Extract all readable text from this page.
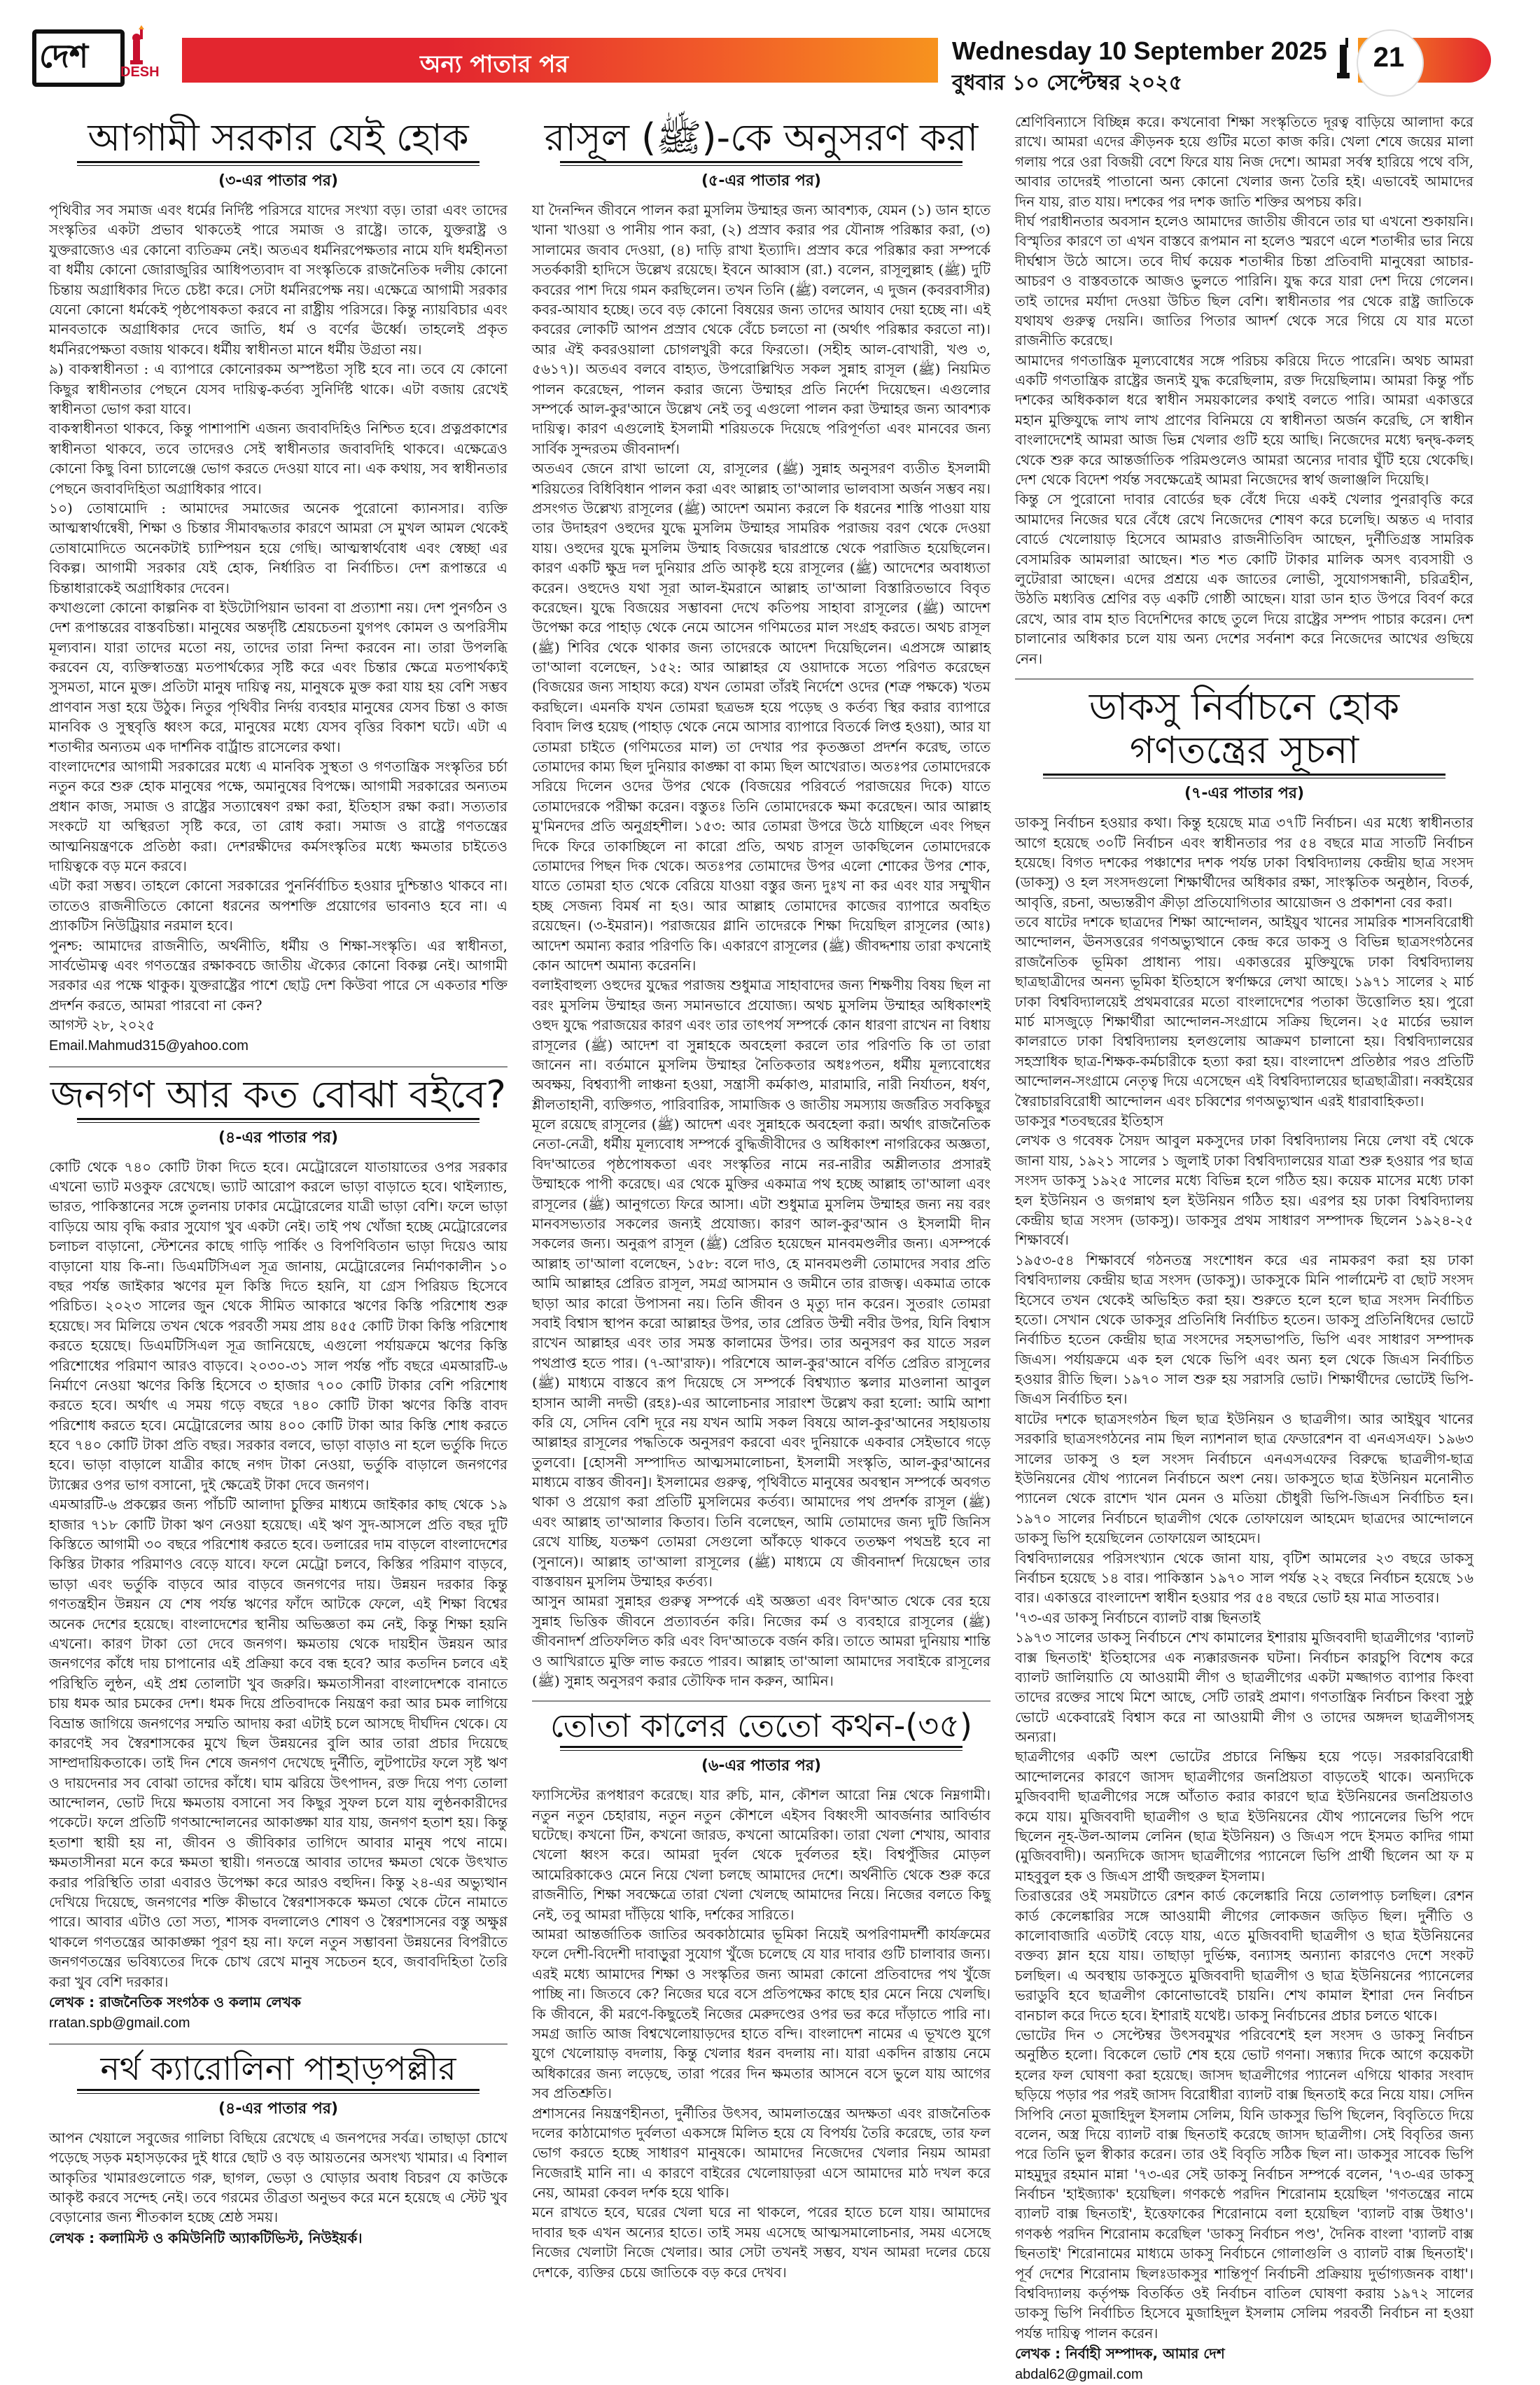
দেশ DESH	অন্য পাতার পর	Wednesday 10 September 2025
বুধবার ১০ সেপ্টেম্বর ২০২৫
21
আগামী সরকার যেই হোক
(৩-এর পাতার পর)

পৃথিবীর সব সমাজ এবং ধর্মের নির্দিষ্ট পরিসরে যাদের সংখ্যা বড়। তারা এবং তাদের সংস্কৃতির একটা প্রভাব থাকতেই পারে সমাজ ও রাষ্ট্রে। তাকে, যুক্তরাষ্ট্র ও যুক্তরাজ্যেও এর কোনো ব্যতিক্রম নেই। অতএব ধর্মনিরপেক্ষতার নামে যদি ধর্মহীনতা বা ধর্মীয় কোনো জোরাজুরির আধিপত্যবাদ বা সংস্কৃতিকে রাজনৈতিক দলীয় কোনো চিন্তায় অগ্রাধিকার দিতে চেষ্টা করে। সেটা ধর্মনিরপেক্ষ নয়। এক্ষেত্রে আগামী সরকার যেনো কোনো ধর্মকেই পৃষ্ঠপোষকতা করবে না রাষ্ট্রীয় পরিসরে। কিন্তু ন্যায়বিচার এবং মানবতাকে অগ্রাধিকার দেবে জাতি, ধর্ম ও বর্ণের ঊর্ধ্বে। তাহলেই প্রকৃত ধর্মনিরপেক্ষতা বজায় থাকবে। ধর্মীয় স্বাধীনতা মানে ধর্মীয় উগ্রতা নয়।

৯) বাকস্বাধীনতা : এ ব্যাপারে কোনোরকম অস্পষ্টতা সৃষ্টি হবে না। তবে যে কোনো কিছুর স্বাধীনতার পেছনে যেসব দায়িত্ব-কর্তব্য সুনির্দিষ্ট থাকে। এটা বজায় রেখেই স্বাধীনতা ভোগ করা যাবে।

বাকস্বাধীনতা থাকবে, কিন্তু পাশাপাশি এজন্য জবাবদিহিও নিশ্চিত হবে। প্রত্নপ্রকাশের স্বাধীনতা থাকবে, তবে তাদেরও সেই স্বাধীনতার জবাবদিহি থাকবে। এক্ষেত্রেও কোনো কিছু বিনা চ্যালেঞ্জে ভোগ করতে দেওয়া যাবে না। এক কথায়, সব স্বাধীনতার পেছনে জবাবদিহিতা অগ্রাধিকার পাবে।

১০) তোষামোদি : আমাদের সমাজের অনেক পুরোনো ক্যানসার। ব্যক্তি আত্মস্বার্থান্বেষী, শিক্ষা ও চিন্তার সীমাবদ্ধতার কারণে আমরা সে মুখল আমল থেকেই তোষামোদিতে অনেকটাই চ্যাম্পিয়ন হয়ে গেছি। আত্মস্বার্থবোধ এবং স্বেচ্ছা এর বিকল্প। আগামী সরকার যেই হোক, নির্ধারিত বা নির্বাচিত। দেশ রূপান্তরে এ চিন্তাধারাকেই অগ্রাধিকার দেবেন।

কখাগুলো কোনো কাল্পনিক বা ইউটোপিয়ান ভাবনা বা প্রত্যাশা নয়। দেশ পুনর্গঠন ও দেশ রূপান্তরের বাস্তবচিন্তা। মানুষের অন্তর্দৃষ্টি শ্রেয়চেতনা যুগপৎ কোমল ও অপরিসীম মূল্যবান। যারা তাদের মতো নয়, তাদের তারা নিন্দা করবেন না। তারা উপলব্ধি করবেন যে, ব্যক্তিস্বাতন্ত্র্য মতপার্থক্যের সৃষ্টি করে এবং চিন্তার ক্ষেত্রে মতপার্থক্যই সুসমতা, মানে মুক্ত। প্রতিটা মানুষ দায়িত্ব নয়, মানুষকে মুক্ত করা যায় হয় বেশি সম্ভব প্রাণবান সত্তা হয়ে উঠুক। নিতুর পৃথিবীর নির্দয় ব্যবহার মানুষের যেসব চিন্তা ও কাজ মানবিক ও সুস্থবৃত্তি ধ্বংস করে, মানুষের মধ্যে যেসব বৃত্তির বিকাশ ঘটে। এটা এ শতাব্দীর অন্যতম এক দার্শনিক বার্ট্রান্ড রাসেলের কথা।

বাংলাদেশের আগামী সরকারের মধ্যে এ মানবিক সুস্থতা ও গণতান্ত্রিক সংস্কৃতির চর্চা নতুন করে শুরু হোক মানুষের পক্ষে, অমানুষের বিপক্ষে। আগামী সরকারের অন্যতম প্রধান কাজ, সমাজ ও রাষ্ট্রের সত্যান্বেষণ রক্ষা করা, ইতিহাস রক্ষা করা। সত্যতার সংকটে যা অস্থিরতা সৃষ্টি করে, তা রোধ করা। সমাজ ও রাষ্ট্রে গণতন্ত্রের আত্মনিয়ন্ত্রণকে প্রতিষ্ঠা করা। দেশরক্ষীদের কর্মসংস্কৃতির মধ্যে ক্ষমতার চাইতেও দায়িত্বকে বড় মনে করবে।

এটা করা সম্ভব। তাহলে কোনো সরকারের পুনর্নির্বাচিত হওয়ার দুশ্চিন্তাও থাকবে না। তাতেও রাজনীতিতে কোনো ধরনের অপশক্তি প্রয়োগের ভাবনাও হবে না। এ প্র্যাকটিস নিউট্রিয়ার নরমাল হবে।

পুনশ্চ: আমাদের রাজনীতি, অর্থনীতি, ধর্মীয় ও শিক্ষা-সংস্কৃতি। এর স্বাধীনতা, সার্বভৌমত্ব এবং গণতন্ত্রের রক্ষাকবচে জাতীয় ঐক্যের কোনো বিকল্প নেই। আগামী সরকার এর পক্ষে থাকুক। যুক্তরাষ্ট্রের পাশে ছোট্ট দেশ কিউবা পারে সে একতার শক্তি প্রদর্শন করতে, আমরা পারবো না কেন?

আগস্ট ২৮, ২০২৫

Email.Mahmud315@yahoo.com
জনগণ আর কত বোঝা বইবে?
(৪-এর পাতার পর)

কোটি থেকে ৭৪০ কোটি টাকা দিতে হবে। মেট্রোরেলে যাতায়াতের ওপর সরকার এখনো ভ্যাট মওকুফ রেখেছে। ভ্যাট আরোপ করলে ভাড়া বাড়াতে হবে। থাইল্যান্ড, ভারত, পাকিস্তানের সঙ্গে তুলনায় ঢাকার মেট্রোরেলের যাত্রী ভাড়া বেশি। ফলে ভাড়া বাড়িয়ে আয় বৃদ্ধি করার সুযোগ খুব একটা নেই। তাই পথ খোঁজা হচ্ছে মেট্রোরেলের চলাচল বাড়ানো, স্টেশনের কাছে গাড়ি পার্কিং ও বিপণিবিতান ভাড়া দিয়েও আয় বাড়ানো যায় কি-না। ডিএমটিসিএল সূত্র জানায়, মেট্রোরেলের নির্মাণকালীন ১০ বছর পর্যন্ত জাইকার ঋণের মূল কিস্তি দিতে হয়নি, যা গ্রেস পিরিয়ড হিসেবে পরিচিত। ২০২৩ সালের জুন থেকে সীমিত আকারে ঋণের কিস্তি পরিশোধ শুরু হয়েছে। সব মিলিয়ে তখন থেকে পরবর্তী সময় প্রায় ৪৫৫ কোটি টাকা কিস্তি পরিশোধ করতে হয়েছে। ডিএমটিসিএল সূত্র জানিয়েছে, এগুলো পর্যায়ক্রমে ঋণের কিস্তি পরিশোধের পরিমাণ আরও বাড়বে। ২০৩০-৩১ সাল পর্যন্ত পাঁচ বছরে এমআরটি-৬ নির্মাণে নেওয়া ঋণের কিস্তি হিসেবে ৩ হাজার ৭০০ কোটি টাকার বেশি পরিশোধ করতে হবে। অর্থাৎ এ সময় গড়ে বছরে ৭৪০ কোটি টাকা ঋণের কিস্তি বাবদ পরিশোধ করতে হবে। মেট্রোরেলের আয় ৪০০ কোটি টাকা আর কিস্তি শোধ করতে হবে ৭৪০ কোটি টাকা প্রতি বছর। সরকার বলবে, ভাড়া বাড়াও না হলে ভর্তুকি দিতে হবে। ভাড়া বাড়ালে যাত্রীর কাছে নগদ টাকা নেওয়া, ভর্তুকি বাড়ালে জনগণের ট্যাক্সের ওপর ভাগ বসানো, দুই ক্ষেত্রেই টাকা দেবে জনগণ।

এমআরটি-৬ প্রকল্পের জন্য পাঁচটি আলাদা চুক্তির মাধ্যমে জাইকার কাছ থেকে ১৯ হাজার ৭১৮ কোটি টাকা ঋণ নেওয়া হয়েছে। এই ঋণ সুদ-আসলে প্রতি বছর দুটি কিস্তিতে আগামী ৩০ বছরে পরিশোধ করতে হবে। ডলারের দাম বাড়লে বাংলাদেশের কিস্তির টাকার পরিমাণও বেড়ে যাবে। ফলে মেট্রো চলবে, কিস্তির পরিমাণ বাড়বে, ভাড়া এবং ভর্তুকি বাড়বে আর বাড়বে জনগণের দায়। উন্নয়ন দরকার কিন্তু গণতন্ত্রহীন উন্নয়ন যে শেষ পর্যন্ত ঋণের ফাঁদে আটকে ফেলে, এই শিক্ষা বিশ্বের অনেক দেশের হয়েছে। বাংলাদেশের স্থানীয় অভিজ্ঞতা কম নেই, কিন্তু শিক্ষা হয়নি এখনো। কারণ টাকা তো দেবে জনগণ। ক্ষমতায় থেকে দায়হীন উন্নয়ন আর জনগণের কাঁধে দায় চাপানোর এই প্রক্রিয়া কবে বন্ধ হবে? আর কতদিন চলবে এই পরিস্থিতি লুন্ঠন, এই প্রশ্ন তোলাটা খুব জরুরি। ক্ষমতাসীনরা বাংলাদেশকে বানাতে চায় ধমক আর চমকের দেশ। ধমক দিয়ে প্রতিবাদকে নিয়ন্ত্রণ করা আর চমক লাগিয়ে বিভ্রান্ত জাগিয়ে জনগণের সম্মতি আদায় করা এটাই চলে আসছে দীর্ঘদিন থেকে। যে কারণেই সব স্বৈরশাসকের মুখে ছিল উন্নয়নের বুলি আর তারা প্রচার দিয়েছে সাম্প্রদায়িকতাকে। তাই দিন শেষে জনগণ দেখেছে দুর্নীতি, লুটপাটের ফলে সৃষ্ট ঋণ ও দায়দেনার সব বোঝা তাদের কাঁধে। ঘাম ঝরিয়ে উৎপাদন, রক্ত দিয়ে পণ্য তোলা আন্দোলন, ভোট দিয়ে ক্ষমতায় বসানো সব কিছুর সুফল চলে যায় লুণ্ঠনকারীদের পকেটে। ফলে প্রতিটি গণআন্দোলনের আকাঙ্ক্ষা যার যায়, জনগণ হতাশ হয়। কিন্তু হতাশা স্থায়ী হয় না, জীবন ও জীবিকার তাগিদে আবার মানুষ পথে নামে। ক্ষমতাসীনরা মনে করে ক্ষমতা স্থায়ী। গনতন্ত্রে আবার তাদের ক্ষমতা থেকে উৎখাত করার পরিস্থিতি তারা এবারও উপেক্ষা করে আরও বহুদিন। কিন্তু ২৪-এর অভ্যুত্থান দেখিয়ে দিয়েছে, জনগণের শক্তি কীভাবে স্বৈরশাসককে ক্ষমতা থেকে টেনে নামাতে পারে। আবার এটাও তো সত্য, শাসক বদলালেও শোষণ ও স্বৈরশাসনের বস্তু অক্ষুণ্ণ থাকলে গণতন্ত্রের আকাঙ্ক্ষা পূরণ হয় না। ফলে নতুন সম্ভাবনা উন্নয়নের বিপরীতে জনগণতন্ত্রের ভবিষ্যতের দিকে চোখ রেখে মানুষ সচেতন হবে, জবাবদিহিতা তৈরি করা খুব বেশি দরকার।

লেখক : রাজনৈতিক সংগঠক ও কলাম লেখক
rratan.spb@gmail.com
নর্থ ক্যারোলিনা পাহাড়পল্লীর
(৪-এর পাতার পর)

আপন খেয়ালে সবুজের গালিচা বিছিয়ে রেখেছে এ জনপদের সর্বত্র। তাছাড়া চোখে পড়েছে সড়ক মহাসড়কের দুই ধারে ছোট ও বড় আয়তনের অসংখ্য খামার। এ বিশাল আকৃতির খামারগুলোতে গরু, ছাগল, ভেড়া ও ঘোড়ার অবাধ বিচরণ যে কাউকে আকৃষ্ট করবে সন্দেহ নেই। তবে গরমের তীব্রতা অনুভব করে মনে হয়েছে এ স্টেট খুব বেড়ানোর জন্য শীতকাল হচ্ছে শ্রেষ্ঠ সময়।

লেখক : কলামিস্ট ও কমিউনিটি অ্যাকটিভিস্ট, নিউইয়র্ক।
রাসূল (ﷺ)-কে অনুসরণ করা
(৫-এর পাতার পর)

যা দৈনন্দিন জীবনে পালন করা মুসলিম উম্মাহর জন্য আবশ্যক, যেমন (১) ডান হাতে খানা খাওয়া ও পানীয় পান করা, (২) প্রস্রাব করার পর যৌনাঙ্গ পরিষ্কার করা, (৩) সালামের জবাব দেওয়া, (৪) দাড়ি রাখা ইত্যাদি। প্রস্রাব করে পরিষ্কার করা সম্পর্কে সতর্ককারী হাদিসে উল্লেখ রয়েছে। ইবনে আব্বাস (রা.) বলেন, রাসূলুল্লাহ (ﷺ) দুটি কবরের পাশ দিয়ে গমন করছিলেন। তখন তিনি (ﷺ) বললেন, এ দুজন (কবরবাসীর) কবর-আযাব হচ্ছে। তবে বড় কোনো বিষয়ের জন্য তাদের আযাব দেয়া হচ্ছে না। এই কবরের লোকটি আপন প্রস্রাব থেকে বেঁচে চলতো না (অর্থাৎ পরিষ্কার করতো না)। আর ঐই কবরওয়ালা চোগলখুরী করে ফিরতো। (সহীহ আল-বোখারী, খণ্ড ৩, ৫৬১৭)। অতএব বলবে বাহ্যত, উপরোল্লিখিত সকল সুন্নাহ রাসূল (ﷺ) নিয়মিত পালন করেছেন, পালন করার জন্যে উম্মাহর প্রতি নির্দেশ দিয়েছেন। এগুলোর সম্পর্কে আল-কুর'আনে উল্লেখ নেই তবু এগুলো পালন করা উম্মাহর জন্য আবশ্যক দায়িত্ব। কারণ এগুলোই ইসলামী শরিয়তকে দিয়েছে পরিপূর্ণতা এবং মানবের জন্য সার্বিক সুন্দরতম জীবনাদর্শ।

অতএব জেনে রাখা ভালো যে, রাসূলের (ﷺ) সুন্নাহ অনুসরণ ব্যতীত ইসলামী শরিয়তের বিধিবিধান পালন করা এবং আল্লাহ তা'আলার ভালবাসা অর্জন সম্ভব নয়। প্রসংগত উল্লেখ্য রাসূলের (ﷺ) আদেশ অমান্য করলে কি ধরনের শাস্তি পাওয়া যায় তার উদাহরণ ওহুদের যুদ্ধে মুসলিম উম্মাহর সামরিক পরাজয় বরণ থেকে দেওয়া যায়। ওহুদের যুদ্ধে মুসলিম উম্মাহ বিজয়ের দ্বারপ্রান্তে থেকে পরাজিত হয়েছিলেন। কারণ একটি ক্ষুদ্র দল দুনিয়ার প্রতি আকৃষ্ট হয়ে রাসূলের (ﷺ) আদেশের অবাধ্যতা করেন। ওহুদেও যথা সূরা আল-ইমরানে আল্লাহ তা'আলা বিস্তারিতভাবে বিবৃত করেছেন। যুদ্ধে বিজয়ের সম্ভাবনা দেখে কতিপয় সাহাবা রাসূলের (ﷺ) আদেশ উপেক্ষা করে পাহাড় থেকে নেমে আসেন গণিমতের মাল সংগ্রহ করতে। অথচ রাসূল (ﷺ) শিবির থেকে থাকার জন্য তাদেরকে আদেশ দিয়েছিলেন। এপ্রসঙ্গে আল্লাহ তা'আলা বলেছেন, ১৫২: আর আল্লাহর যে ওয়াদাকে সত্যে পরিণত করেছেন (বিজয়ের জন্য সাহায্য করে) যখন তোমরা তাঁরই নির্দেশে ওদের (শত্রু পক্ষকে) খতম করছিলে। এমনকি যখন তোমরা ছত্রভঙ্গ হয়ে পড়েছ ও কর্তব্য স্থির করার ব্যাপারে বিবাদ লিপ্ত হয়েছ (পাহাড় থেকে নেমে আসার ব্যাপারে বিতর্কে লিপ্ত হওয়া), আর যা তোমরা চাইতে (গণিমতের মাল) তা দেখার পর কৃতজ্ঞতা প্রদর্শন করেছ, তাতে তোমাদের কাম্য ছিল দুনিয়ার কাঙ্ক্ষা বা কাম্য ছিল আখেরাত। অতঃপর তোমাদেরকে সরিয়ে দিলেন ওদের উপর থেকে (বিজয়ের পরিবর্তে পরাজয়ের দিকে) যাতে তোমাদেরকে পরীক্ষা করেন। বস্তুতঃ তিনি তোমাদেরকে ক্ষমা করেছেন। আর আল্লাহ মু'মিনদের প্রতি অনুগ্রহশীল। ১৫৩: আর তোমরা উপরে উঠে যাচ্ছিলে এবং পিছন দিকে ফিরে তাকাচ্ছিলে না কারো প্রতি, অথচ রাসূল ডাকছিলেন তোমাদেরকে তোমাদের পিছন দিক থেকে। অতঃপর তোমাদের উপর এলো শোকের উপর শোক, যাতে তোমরা হাত থেকে বেরিয়ে যাওয়া বস্তুর জন্য দুঃখ না কর এবং যার সম্মুখীন হচ্ছ সেজন্য বিমর্ষ না হও। আর আল্লাহ তোমাদের কাজের ব্যাপারে অবহিত রয়েছেন। (৩-ইমরান)। পরাজয়ের গ্লানি তাদেরকে শিক্ষা দিয়েছিল রাসূলের (আঃ) আদেশ অমান্য করার পরিণতি কি। একারণে রাসূলের (ﷺ) জীবদ্দশায় তারা কখনোই কোন আদেশ অমান্য করেননি।

বলাইবাহুল্য ওহুদের যুদ্ধের পরাজয় শুধুমাত্র সাহাবাদের জন্য শিক্ষণীয় বিষয় ছিল না বরং মুসলিম উম্মাহর জন্য সমানভাবে প্রযোজ্য। অথচ মুসলিম উম্মাহর অধিকাংশই ওহুদ যুদ্ধে পরাজয়ের কারণ এবং তার তাৎপর্য সম্পর্কে কোন ধারণা রাখেন না বিধায় রাসূলের (ﷺ) আদেশ বা সুন্নাহকে অবহেলা করলে তার পরিণতি কি তা তারা জানেন না। বর্তমানে মুসলিম উম্মাহর নৈতিকতার অধঃপতন, ধর্মীয় মূল্যবোধের অবক্ষয়, বিশ্বব্যাপী লাঞ্চনা হওয়া, সন্ত্রাসী কর্মকাণ্ড, মারামারি, নারী নির্যাতন, ধর্ষণ, শ্লীলতাহানী, ব্যক্তিগত, পারিবারিক, সামাজিক ও জাতীয় সমস্যায় জর্জরিত সবকিছুর মূলে রয়েছে রাসূলের (ﷺ) আদেশ এবং সুন্নাহকে অবহেলা করা। অর্থাৎ রাজনৈতিক নেতা-নেত্রী, ধর্মীয় মূল্যবোধ সম্পর্কে বুদ্ধিজীবীদের ও অধিকাংশ নাগরিকের অজ্ঞতা, বিদ'আতের পৃষ্ঠপোষকতা এবং সংস্কৃতির নামে নর-নারীর অশ্লীলতার প্রসারই উম্মাহকে পাপী করেছে। এর থেকে মুক্তির একমাত্র পথ হচ্ছে আল্লাহ তা'আলা এবং রাসূলের (ﷺ) আনুগত্যে ফিরে আসা। এটা শুধুমাত্র মুসলিম উম্মাহর জন্য নয় বরং মানবসভ্যতার সকলের জন্যই প্রযোজ্য। কারণ আল-কুর'আন ও ইসলামী দীন সকলের জন্য। অনুরূপ রাসূল (ﷺ) প্রেরিত হয়েছেন মানবমণ্ডলীর জন্য। এসম্পর্কে আল্লাহ তা'আলা বলেছেন, ১৫৮: বলে দাও, হে মানবমণ্ডলী তোমাদের সবার প্রতি আমি আল্লাহর প্রেরিত রাসূল, সমগ্র আসমান ও জমীনে তার রাজত্ব। একমাত্র তাকে ছাড়া আর কারো উপাসনা নয়। তিনি জীবন ও মৃত্যু দান করেন। সুতরাং তোমরা সবাই বিশ্বাস স্থাপন করো আল্লাহর উপর, তার প্রেরিত উম্মী নবীর উপর, যিনি বিশ্বাস রাখেন আল্লাহর এবং তার সমস্ত কালামের উপর। তার অনুসরণ কর যাতে সরল পথপ্রাপ্ত হতে পার। (৭-আ'রাফ)। পরিশেষে আল-কুর'আনে বর্ণিত প্রেরিত রাসূলের (ﷺ) মাধ্যমে বাস্তবে রূপ দিয়েছে সে সম্পর্কে বিশ্বখ্যাত স্কলার মাওলানা আবুল হাসান আলী নদভী (রহঃ)-এর আলোচনার সারাংশ উল্লেখ করা হলো: আমি আশা করি যে, সেদিন বেশি দূরে নয় যখন আমি সকল বিষয়ে আল-কুর'আনের সহায়তায় আল্লাহর রাসূলের পদ্ধতিকে অনুসরণ করবো এবং দুনিয়াকে একবার সেইভাবে গড়ে তুলবো। [হোসনী সম্পাদিত আত্মসমালোচনা, ইসলামী সংস্কৃতি, আল-কুর'আনের মাধ্যমে বাস্তব জীবন]। ইসলামের গুরুত্ব, পৃথিবীতে মানুষের অবস্থান সম্পর্কে অবগত থাকা ও প্রয়োগ করা প্রতিটি মুসলিমের কর্তব্য। আমাদের পথ প্রদর্শক রাসূল (ﷺ) এবং আল্লাহ তা'আলার কিতাব। তিনি বলেছেন, আমি তোমাদের জন্য দুটি জিনিস রেখে যাচ্ছি, যতক্ষণ তোমরা সেগুলো আঁকড়ে থাকবে ততক্ষণ পথভ্রষ্ট হবে না (সুনানে)। আল্লাহ তা'আলা রাসূলের (ﷺ) মাধ্যমে যে জীবনাদর্শ দিয়েছেন তার বাস্তবায়ন মুসলিম উম্মাহর কর্তব্য।

আসুন আমরা সুন্নাহর গুরুত্ব সম্পর্কে এই অজ্ঞতা এবং বিদ'আত থেকে বের হয়ে সুন্নাহ ভিত্তিক জীবনে প্রত্যাবর্তন করি। নিজের কর্ম ও ব্যবহারে রাসূলের (ﷺ) জীবনাদর্শ প্রতিফলিত করি এবং বিদ'আতকে বর্জন করি। তাতে আমরা দুনিয়ায় শান্তি ও আখিরাতে মুক্তি লাভ করতে পারব। আল্লাহ তা'আলা আমাদের সবাইকে রাসূলের (ﷺ) সুন্নাহ অনুসরণ করার তৌফিক দান করুন, আমিন।

তোতা কালের তেতো কথন-(৩৫)
(৬-এর পাতার পর)

ফ্যাসিস্টের রূপধারণ করেছে। যার রুচি, মান, কৌশল আরো নিম্ন থেকে নিম্নগামী। নতুন নতুন চেহারায়, নতুন নতুন কৌশলে এইসব বিধ্বংসী আবর্জনার আবির্ভাব ঘটেছে। কখনো টিন, কখনো জারড, কখনো আমেরিকা। তারা খেলা শেখায়, আবার খেলো ধ্বংস করে। আমরা দুর্বল থেকে দুর্বলতর হই। বিশ্বপুঁজির মোড়ল আমেরিকাকেও মেনে নিয়ে খেলা চলছে আমাদের দেশে। অর্থনীতি থেকে শুরু করে রাজনীতি, শিক্ষা সবক্ষেত্রে তারা খেলা খেলছে আমাদের নিয়ে। নিজের বলতে কিছু নেই, তবু আমরা দাঁড়িয়ে থাকি, দর্শকের সারিতে।

আমরা আন্তর্জাতিক জাতির অবকাঠামোর ভূমিকা নিয়েই অপরিণামদর্শী কার্যক্রমের ফলে দেশী-বিদেশী দাবাড়ুরা সুযোগ খুঁজে চলেছে যে যার দাবার গুটি চালাবার জন্য। এরই মধ্যে আমাদের শিক্ষা ও সংস্কৃতির জন্য আমরা কোনো প্রতিবাদের পথ খুঁজে পাচ্ছি না। জিতবে কে? নিজের ঘরে বসে প্রতিপক্ষের কাছে হার মেনে নিয়ে খেলছি। কি জীবনে, কী মরণে-কিছুতেই নিজের মেরুদণ্ডের ওপর ভর করে দাঁড়াতে পারি না। সমগ্র জাতি আজ বিশ্বখেলোয়াড়দের হাতে বন্দি। বাংলাদেশ নামের এ ভূখণ্ডে যুগে যুগে খেলোয়াড় বদলায়, কিন্তু খেলার ধরন বদলায় না। যারা একদিন রাস্তায় নেমে অধিকারের জন্য লড়েছে, তারা পরের দিন ক্ষমতার আসনে বসে ভুলে যায় আগের সব প্রতিশ্রুতি।

প্রশাসনের নিয়ন্ত্রণহীনতা, দুর্নীতির উৎসব, আমলাতন্ত্রের অদক্ষতা এবং রাজনৈতিক দলের কাঠামোগত দুর্বলতা একসঙ্গে মিলিত হয়ে যে বিপর্যয় তৈরি করেছে, তার ফল ভোগ করতে হচ্ছে সাধারণ মানুষকে। আমাদের নিজেদের খেলার নিয়ম আমরা নিজেরাই মানি না। এ কারণে বাইরের খেলোয়াড়রা এসে আমাদের মাঠ দখল করে নেয়, আমরা কেবল দর্শক হয়ে থাকি।

মনে রাখতে হবে, ঘরের খেলা ঘরে না থাকলে, পরের হাতে চলে যায়। আমাদের দাবার ছক এখন অন্যের হাতে। তাই সময় এসেছে আত্মসমালোচনার, সময় এসেছে নিজের খেলাটা নিজে খেলার। আর সেটা তখনই সম্ভব, যখন আমরা দলের চেয়ে দেশকে, ব্যক্তির চেয়ে জাতিকে বড় করে দেখব।

শ্রেণিবিন্যাসে বিচ্ছিন্ন করে। কখনোবা শিক্ষা সংস্কৃতিতে দূরত্ব বাড়িয়ে আলাদা করে রাখে। আমরা এদের ক্রীড়নক হয়ে গুটির মতো কাজ করি। খেলা শেষে জয়ের মালা গলায় পরে ওরা বিজয়ী বেশে ফিরে যায় নিজ দেশে। আমরা সর্বস্ব হারিয়ে পথে বসি, আবার তাদেরই পাতানো অন্য কোনো খেলার জন্য তৈরি হই। এভাবেই আমাদের দিন যায়, রাত যায়। দশকের পর দশক জাতি শক্তির অপচয় করি।

দীর্ঘ পরাধীনতার অবসান হলেও আমাদের জাতীয় জীবনে তার ঘা এখনো শুকায়নি। বিস্মৃতির কারণে তা এখন বাস্তবে রূপমান না হলেও স্মরণে এলে শতাব্দীর ভার নিয়ে দীর্ঘশ্বাস উঠে আসে। তবে দীর্ঘ কয়েক শতাব্দীর চিন্তা প্রতিবাদী মানুষেরা আচার-আচরণ ও বাস্তবতাকে আজও ভুলতে পারিনি। যুদ্ধ করে যারা দেশ দিয়ে গেলেন। তাই তাদের মর্যাদা দেওয়া উচিত ছিল বেশি। স্বাধীনতার পর থেকে রাষ্ট্র জাতিকে যথাযথ গুরুত্ব দেয়নি। জাতির পিতার আদর্শ থেকে সরে গিয়ে যে যার মতো রাজনীতি করেছে।

আমাদের গণতান্ত্রিক মূল্যবোধের সঙ্গে পরিচয় করিয়ে দিতে পারেনি। অথচ আমরা একটি গণতান্ত্রিক রাষ্ট্রের জন্যই যুদ্ধ করেছিলাম, রক্ত দিয়েছিলাম। আমরা কিন্তু পাঁচ দশকের অধিককাল ধরে স্বাধীন সময়কালের কথাই বলতে পারি। আমরা একাত্তরে মহান মুক্তিযুদ্ধে লাখ লাখ প্রাণের বিনিময়ে যে স্বাধীনতা অর্জন করেছি, সে স্বাধীন বাংলাদেশেই আমরা আজ ভিন্ন খেলার গুটি হয়ে আছি। নিজেদের মধ্যে দ্বন্দ্ব-কলহ থেকে শুরু করে আন্তর্জাতিক পরিমণ্ডলেও আমরা অন্যের দাবার ঘুঁটি হয়ে থেকেছি। দেশ থেকে বিদেশ পর্যন্ত সবক্ষেত্রেই আমরা নিজেদের স্বার্থ জলাঞ্জলি দিয়েছি।

কিন্তু সে পুরোনো দাবার বোর্ডের ছক বেঁধে দিয়ে একই খেলার পুনরাবৃত্তি করে আমাদের নিজের ঘরে বেঁধে রেখে নিজেদের শোষণ করে চলেছি। অন্তত এ দাবার বোর্ডে খেলোয়াড় হিসেবে আমরাও রাজনীতিবিদ আছেন, দুর্নীতিগ্রস্ত সামরিক বেসামরিক আমলারা আছেন। শত শত কোটি টাকার মালিক অসৎ ব্যবসায়ী ও লুটেরারা আছেন। এদের প্রশ্রয়ে এক জাতের লোভী, সুযোগসন্ধানী, চরিত্রহীন, উঠতি মধ্যবিত্ত শ্রেণির বড় একটি গোষ্ঠী আছেন। যারা ডান হাত উপরে বিবর্ণ করে রেখে, আর বাম হাত বিদেশিদের কাছে তুলে দিয়ে রাষ্ট্রের সম্পদ পাচার করেন। দেশ চালানোর অধিকার চলে যায় অন্য দেশের সর্বনাশ করে নিজেদের আখের গুছিয়ে নেন।

ডাকসু নির্বাচনে হোক গণতন্ত্রের সূচনা
(৭-এর পাতার পর)

ডাকসু নির্বাচন হওয়ার কথা। কিন্তু হয়েছে মাত্র ৩৭টি নির্বাচন। এর মধ্যে স্বাধীনতার আগে হয়েছে ৩০টি নির্বাচন এবং স্বাধীনতার পর ৫৪ বছরে মাত্র সাতটি নির্বাচন হয়েছে। বিগত দশকের পঞ্চাশের দশক পর্যন্ত ঢাকা বিশ্ববিদ্যালয় কেন্দ্রীয় ছাত্র সংসদ (ডাকসু) ও হল সংসদগুলো শিক্ষার্থীদের অধিকার রক্ষা, সাংস্কৃতিক অনুষ্ঠান, বিতর্ক, আবৃত্তি, রচনা, অভ্যন্তরীণ ক্রীড়া প্রতিযোগিতার আয়োজন ও প্রকাশনা বের করা।

তবে ষাটের দশকে ছাত্রদের শিক্ষা আন্দোলন, আইয়ুব খানের সামরিক শাসনবিরোধী আন্দোলন, ঊনসত্তরের গণঅভ্যুত্থানে কেন্দ্র করে ডাকসু ও বিভিন্ন ছাত্রসংগঠনের রাজনৈতিক ভূমিকা প্রাধান্য পায়। একাত্তরের মুক্তিযুদ্ধে ঢাকা বিশ্ববিদ্যালয় ছাত্রছাত্রীদের অনন্য ভূমিকা ইতিহাসে স্বর্ণাক্ষরে লেখা আছে। ১৯৭১ সালের ২ মার্চ ঢাকা বিশ্ববিদ্যালয়েই প্রথমবারের মতো বাংলাদেশের পতাকা উত্তোলিত হয়। পুরো মার্চ মাসজুড়ে শিক্ষার্থীরা আন্দোলন-সংগ্রামে সক্রিয় ছিলেন। ২৫ মার্চের ভয়াল কালরাতে ঢাকা বিশ্ববিদ্যালয় হলগুলোয় আক্রমণ চালানো হয়। বিশ্ববিদ্যালয়ের সহস্রাধিক ছাত্র-শিক্ষক-কর্মচারীকে হত্যা করা হয়। বাংলাদেশ প্রতিষ্ঠার পরও প্রতিটি আন্দোলন-সংগ্রামে নেতৃত্ব দিয়ে এসেছেন এই বিশ্ববিদ্যালয়ের ছাত্রছাত্রীরা। নব্বইয়ের স্বৈরাচারবিরোধী আন্দোলন এবং চব্বিশের গণঅভ্যুত্থান এরই ধারাবাহিকতা।

ডাকসুর শতবছরের ইতিহাস

লেখক ও গবেষক সৈয়দ আবুল মকসুদের ঢাকা বিশ্ববিদ্যালয় নিয়ে লেখা বই থেকে জানা যায়, ১৯২১ সালের ১ জুলাই ঢাকা বিশ্ববিদ্যালয়ের যাত্রা শুরু হওয়ার পর ছাত্র সংসদ ডাকসু ১৯২৫ সালের মধ্যে বিভিন্ন হলে গঠিত হয়। কয়েক মাসের মধ্যে ঢাকা হল ইউনিয়ন ও জগন্নাথ হল ইউনিয়ন গঠিত হয়। এরপর হয় ঢাকা বিশ্ববিদ্যালয় কেন্দ্রীয় ছাত্র সংসদ (ডাকসু)। ডাকসুর প্রথম সাধারণ সম্পাদক ছিলেন ১৯২৪-২৫ শিক্ষাবর্ষে।

১৯৫৩-৫৪ শিক্ষাবর্ষে গঠনতন্ত্র সংশোধন করে এর নামকরণ করা হয় ঢাকা বিশ্ববিদ্যালয় কেন্দ্রীয় ছাত্র সংসদ (ডাকসু)। ডাকসুকে মিনি পার্লামেন্ট বা ছোট সংসদ হিসেবে তখন থেকেই অভিহিত করা হয়। শুরুতে হলে হলে ছাত্র সংসদ নির্বাচিত হতো। সেখান থেকে ডাকসুর প্রতিনিধি নির্বাচিত হতেন। ডাকসু প্রতিনিধিদের ভোটে নির্বাচিত হতেন কেন্দ্রীয় ছাত্র সংসদের সহসভাপতি, ভিপি এবং সাধারণ সম্পাদক জিএস। পর্যায়ক্রমে এক হল থেকে ভিপি এবং অন্য হল থেকে জিএস নির্বাচিত হওয়ার রীতি ছিল। ১৯৭০ সাল শুরু হয় সরাসরি ভোট। শিক্ষার্থীদের ভোটেই ভিপি-জিএস নির্বাচিত হন।

ষাটের দশকে ছাত্রসংগঠন ছিল ছাত্র ইউনিয়ন ও ছাত্রলীগ। আর আইয়ুব খানের সরকারি ছাত্রসংগঠনের নাম ছিল ন্যাশনাল ছাত্র ফেডারেশন বা এনএসএফ। ১৯৬৩ সালের ডাকসু ও হল সংসদ নির্বাচনে এনএসএফের বিরুদ্ধে ছাত্রলীগ-ছাত্র ইউনিয়নের যৌথ প্যানেল নির্বাচনে অংশ নেয়। ডাকসুতে ছাত্র ইউনিয়ন মনোনীত প্যানেল থেকে রাশেদ খান মেনন ও মতিয়া চৌধুরী ভিপি-জিএস নির্বাচিত হন। ১৯৭০ সালের নির্বাচনে ছাত্রলীগ থেকে তোফায়েল আহমেদ ছাত্রদের আন্দোলনে ডাকসু ভিপি হয়েছিলেন তোফায়েল আহমেদ।

বিশ্ববিদ্যালয়ের পরিসংখ্যান থেকে জানা যায়, বৃটিশ আমলের ২৩ বছরে ডাকসু নির্বাচন হয়েছে ১৪ বার। পাকিস্তান ১৯৭০ সাল পর্যন্ত ২২ বছরে নির্বাচন হয়েছে ১৬ বার। একাত্তরে বাংলাদেশ স্বাধীন হওয়ার পর ৫৪ বছরে ভোট হয় মাত্র সাতবার।

'৭৩-এর ডাকসু নির্বাচনে ব্যালট বাক্স ছিনতাই

১৯৭৩ সালের ডাকসু নির্বাচনে শেখ কামালের ইশারায় মুজিববাদী ছাত্রলীগের 'ব্যালট বাক্স ছিনতাই' ইতিহাসের এক ন্যক্কারজনক ঘটনা। নির্বাচন কারচুপি বিশেষ করে ব্যালট জালিয়াতি যে আওয়ামী লীগ ও ছাত্রলীগের একটা মজ্জাগত ব্যাপার কিংবা তাদের রক্তের সাথে মিশে আছে, সেটি তারই প্রমাণ। গণতান্ত্রিক নির্বাচন কিংবা সুষ্ঠু ভোটে একেবারেই বিশ্বাস করে না আওয়ামী লীগ ও তাদের অঙ্গদল ছাত্রলীগসহ অন্যরা।

ছাত্রলীগের একটি অংশ ভোটের প্রচারে নিষ্ক্রিয় হয়ে পড়ে। সরকারবিরোধী আন্দোলনের কারণে জাসদ ছাত্রলীগের জনপ্রিয়তা বাড়তেই থাকে। অন্যদিকে মুজিববাদী ছাত্রলীগের সঙ্গে আঁতাত করার কারণে ছাত্র ইউনিয়নের জনপ্রিয়তাও কমে যায়। মুজিববাদী ছাত্রলীগ ও ছাত্র ইউনিয়নের যৌথ প্যানেলের ভিপি পদে ছিলেন নূহ-উল-আলম লেনিন (ছাত্র ইউনিয়ন) ও জিএস পদে ইসমত কাদির গামা (মুজিববাদী)। অন্যদিকে জাসদ ছাত্রলীগের প্যানেলে ভিপি প্রার্থী ছিলেন আ ফ ম মাহবুবুল হক ও জিএস প্রার্থী জহুরুল ইসলাম।

তিরাত্তরের ওই সময়টাতে রেশন কার্ড কেলেঙ্কারি নিয়ে তোলপাড় চলছিল। রেশন কার্ড কেলেঙ্কারির সঙ্গে আওয়ামী লীগের লোকজন জড়িত ছিল। দুর্নীতি ও কালোবাজারি এতটাই বেড়ে যায়, এতে মুজিববাদী ছাত্রলীগ ও ছাত্র ইউনিয়নের বক্তব্য ম্লান হয়ে যায়। তাছাড়া দুর্ভিক্ষ, বন্যাসহ অন্যান্য কারণেও দেশে সংকট চলছিল। এ অবস্থায় ডাকসুতে মুজিববাদী ছাত্রলীগ ও ছাত্র ইউনিয়নের প্যানেলের ভরাডুবি হবে ছাত্রলীগ কোনোভাবেই চায়নি। শেখ কামাল ইশারা দেন নির্বাচন বানচাল করে দিতে হবে। ইশারাই যথেষ্ট। ডাকসু নির্বাচনের প্রচার চলতে থাকে।

ভোটের দিন ৩ সেপ্টেম্বর উৎসবমুখর পরিবেশেই হল সংসদ ও ডাকসু নির্বাচন অনুষ্ঠিত হলো। বিকেলে ভোট শেষ হয়ে ভোট গণনা। সন্ধ্যার দিকে আগে কয়েকটা হলের ফল ঘোষণা করা হয়েছে। জাসদ ছাত্রলীগের প্যানেল এগিয়ে থাকার সংবাদ ছড়িয়ে পড়ার পর পরই জাসদ বিরোধীরা ব্যালট বাক্স ছিনতাই করে নিয়ে যায়। সেদিন সিপিবি নেতা মুজাহিদুল ইসলাম সেলিম, যিনি ডাকসুর ভিপি ছিলেন, বিবৃতিতে দিয়ে বলেন, অস্ত্র দিয়ে ব্যালট বাক্স ছিনতাই করেছে জাসদ ছাত্রলীগ। সেই বিবৃতির জন্য পরে তিনি ভুল স্বীকার করেন। তার ওই বিবৃতি সঠিক ছিল না। ডাকসুর সাবেক ভিপি মাহমুদুর রহমান মান্না '৭৩-এর সেই ডাকসু নির্বাচন সম্পর্কে বলেন, '৭৩-এর ডাকসু নির্বাচন 'হাইজ্যাক' হয়েছিল। গণকণ্ঠে পরদিন শিরোনাম হয়েছিল 'গণতন্ত্রের নামে ব্যালট বাক্স ছিনতাই', ইত্তেফাকের শিরোনামে বলা হয়েছিল 'ব্যালট বাক্স উধাও'। গণকণ্ঠ পরদিন শিরোনাম করেছিল 'ডাকসু নির্বাচন পণ্ড', দৈনিক বাংলা 'ব্যালট বাক্স ছিনতাই' শিরোনামের মাধ্যমে ডাকসু নির্বাচনে গোলাগুলি ও ব্যালট বাক্স ছিনতাই'। পূর্ব দেশের শিরোনাম ছিলঃডাকসুর শান্তিপূর্ণ নির্বাচনী প্রক্রিয়ায় দুর্ভাগ্যজনক বাধা'। বিশ্ববিদ্যালয় কর্তৃপক্ষ বিতর্কিত ওই নির্বাচন বাতিল ঘোষণা করায় ১৯৭২ সালের ডাকসু ভিপি নির্বাচিত হিসেবে মুজাহিদুল ইসলাম সেলিম পরবর্তী নির্বাচন না হওয়া পর্যন্ত দায়িত্ব পালন করেন।

লেখক : নির্বাহী সম্পাদক, আমার দেশ
abdal62@gmail.com
